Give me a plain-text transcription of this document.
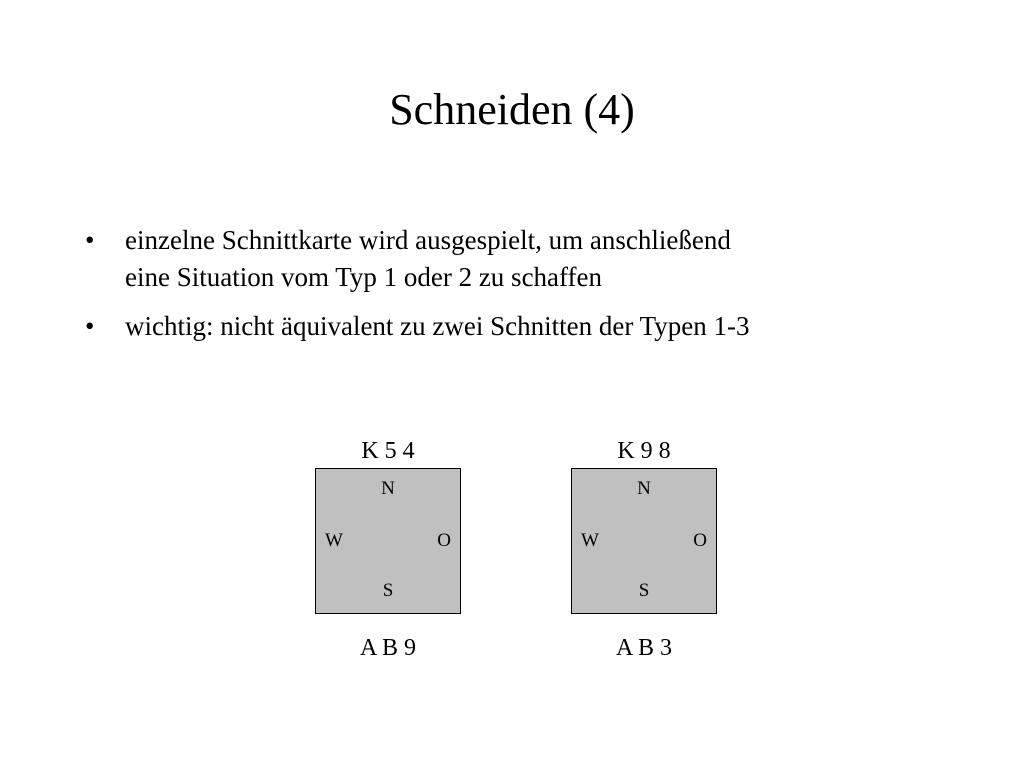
Schneiden (4)
• einzelne Schnittkarte wird ausgespielt, um anschließend
eine Situation vom Typ 1 oder 2 zu schaffen
• wichtig: nicht äquivalent zu zwei Schnitten der Typen 1-3
K 5 4
N
W	O
S
A B 9
K 9 8
N
W	O
S
A B 3
